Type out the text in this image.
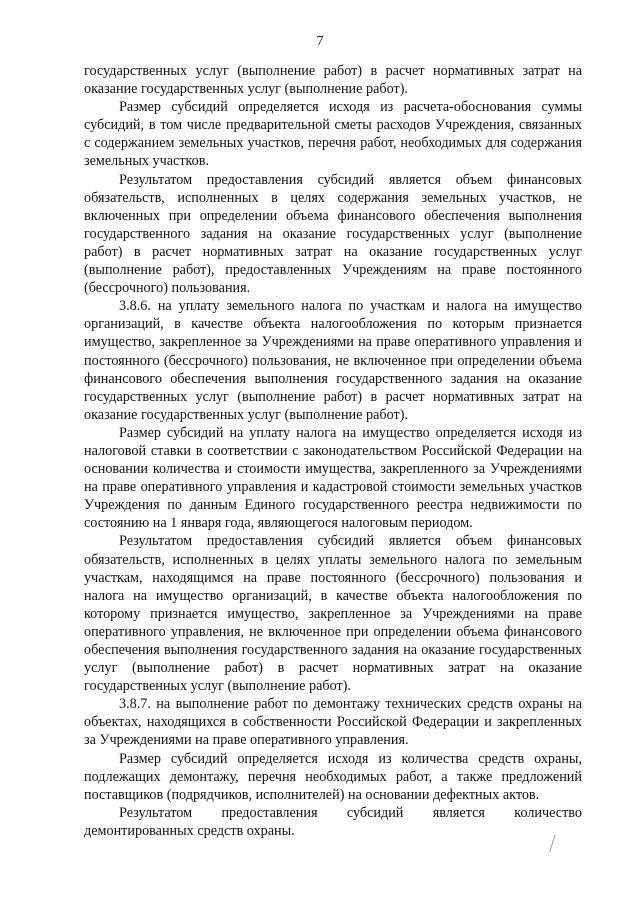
7

государственных услуг (выполнение работ) в расчет нормативных затрат на оказание государственных услуг (выполнение работ).

Размер субсидий определяется исходя из расчета-обоснования суммы субсидий, в том числе предварительной сметы расходов Учреждения, связанных с содержанием земельных участков, перечня работ, необходимых для содержания земельных участков.

Результатом предоставления субсидий является объем финансовых обязательств, исполненных в целях содержания земельных участков, не включенных при определении объема финансового обеспечения выполнения государственного задания на оказание государственных услуг (выполнение работ) в расчет нормативных затрат на оказание государственных услуг (выполнение работ), предоставленных Учреждениям на праве постоянного (бессрочного) пользования.

3.8.6. на уплату земельного налога по участкам и налога на имущество организаций, в качестве объекта налогообложения по которым признается имущество, закрепленное за Учреждениями на праве оперативного управления и постоянного (бессрочного) пользования, не включенное при определении объема финансового обеспечения выполнения государственного задания на оказание государственных услуг (выполнение работ) в расчет нормативных затрат на оказание государственных услуг (выполнение работ).

Размер субсидий на уплату налога на имущество определяется исходя из налоговой ставки в соответствии с законодательством Российской Федерации на основании количества и стоимости имущества, закрепленного за Учреждениями на праве оперативного управления и кадастровой стоимости земельных участков Учреждения по данным Единого государственного реестра недвижимости по состоянию на 1 января года, являющегося налоговым периодом.

Результатом предоставления субсидий является объем финансовых обязательств, исполненных в целях уплаты земельного налога по земельным участкам, находящимся на праве постоянного (бессрочного) пользования и налога на имущество организаций, в качестве объекта налогообложения по которому признается имущество, закрепленное за Учреждениями на праве оперативного управления, не включенное при определении объема финансового обеспечения выполнения государственного задания на оказание государственных услуг (выполнение работ) в расчет нормативных затрат на оказание государственных услуг (выполнение работ).

3.8.7. на выполнение работ по демонтажу технических средств охраны на объектах, находящихся в собственности Российской Федерации и закрепленных за Учреждениями на праве оперативного управления.

Размер субсидий определяется исходя из количества средств охраны, подлежащих демонтажу, перечня необходимых работ, а также предложений поставщиков (подрядчиков, исполнителей) на основании дефектных актов.

Результатом предоставления субсидий является количество демонтированных средств охраны.
